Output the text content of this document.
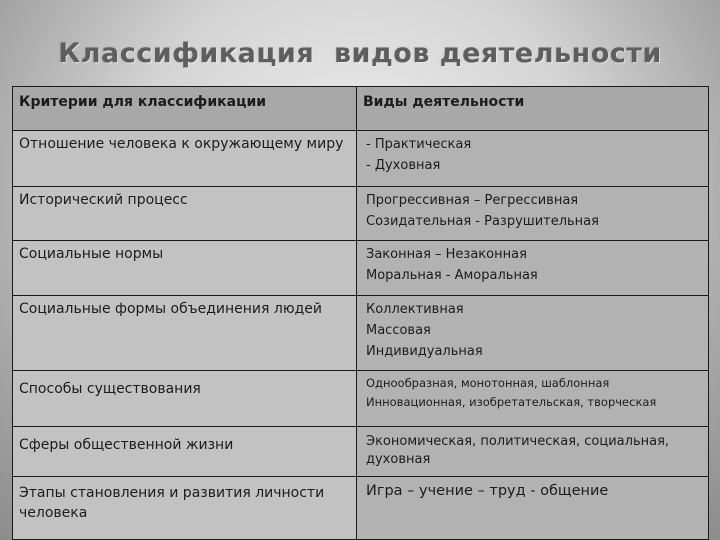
Классификация  видов деятельности
Критерии для классификации	Виды деятельности
Отношение человека к окружающему миру	- Практическая
- Духовная

Исторический процесс	Прогрессивная – Регрессивная
Созидательная - Разрушительная

Социальные нормы	Законная – Незаконная
Моральная - Аморальная

Социальные формы объединения людей	Коллективная
Массовая
Индивидуальная

Способы существования	Однообразная, монотонная, шаблонная
Инновационная, изобретательская, творческая

Сферы общественной жизни	Экономическая, политическая, социальная,
духовная

Этапы становления и развития личности человека	Игра – учение – труд - общение
